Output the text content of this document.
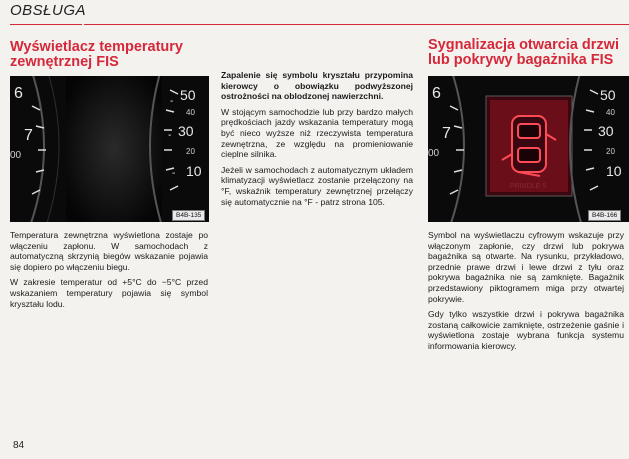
OBSŁUGA
Wyświetlacz temperatury zewnętrznej FIS
6
7
00
50
40
30
20
10
-
-
-
B4B-135

Temperatura zewnętrzna wyświetlona zostaje po włączeniu zapłonu. W samochodach z automatyczną skrzynią biegów wskazanie pojawia się dopiero po włączeniu biegu.

W zakresie temperatur od +5°C do −5°C przed wskazaniem temperatury pojawia się symbol kryształu lodu.

Zapalenie się symbolu kryształu przypomina kierowcy o obowiązku podwyższonej ostrożności na oblodzonej nawierzchni.

W stojącym samochodzie lub przy bardzo małych prędkościach jazdy wskazania temperatury mogą być nieco wyższe niż rzeczywista temperatura zewnętrzna, ze względu na promieniowanie cieplne silnika.

Jeżeli w samochodach z automatycznym układem klimatyzacji wyświetlacz zostanie przełączony na °F, wskaźnik temperatury zewnętrznej przełączy się automatycznie na °F - patrz strona 105.

Sygnalizacja otwarcia drzwi lub pokrywy bagażnika FIS
6
7
00
PRINDLE 5
50
40
30
20
10
B4B-166

Symbol na wyświetlaczu cyfrowym wskazuje przy włączonym zapłonie, czy drzwi lub pokrywa bagażnika są otwarte. Na rysunku, przykładowo, przednie prawe drzwi i lewe drzwi z tyłu oraz pokrywa bagażnika nie są zamknięte. Bagażnik przedstawiony piktogramem miga przy otwartej pokrywie.

Gdy tylko wszystkie drzwi i pokrywa bagażnika zostaną całkowicie zamknięte, ostrzeżenie gaśnie i wyświetlona zostaje wybrana funkcja systemu informowania kierowcy.

84
